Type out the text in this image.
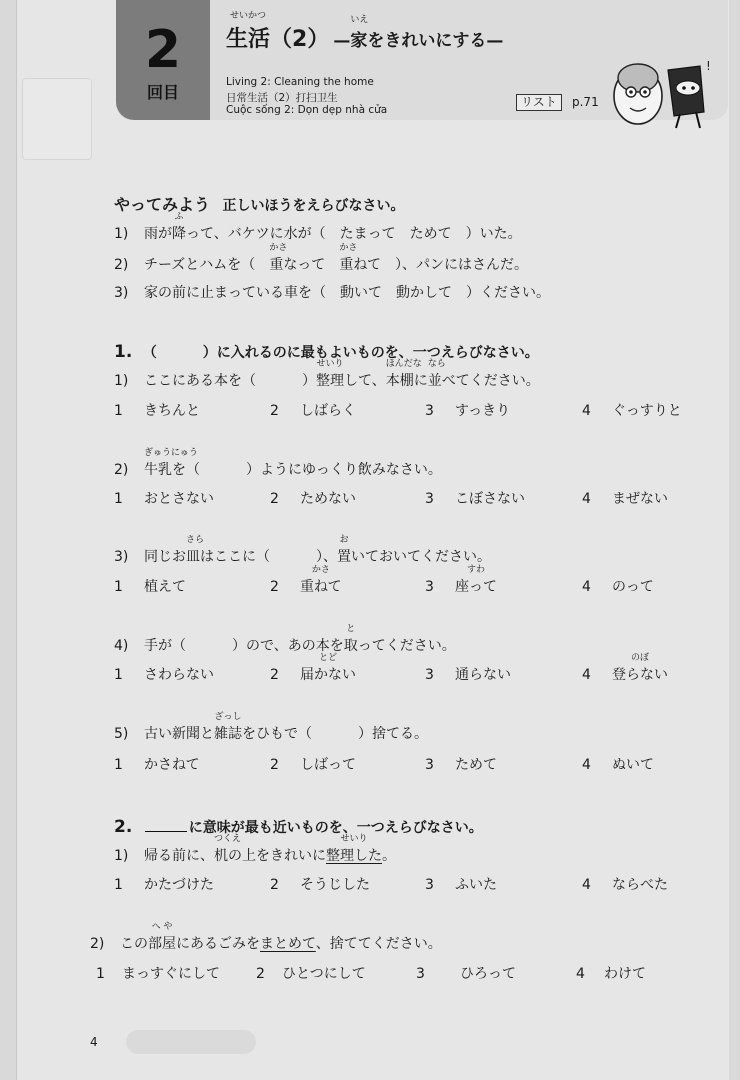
2
回目
せいかつ
生活（2） —
いえ
家をきれいにする—
Living 2: Cleaning the home
日常生活（2）打扫卫生
Cuộc sống 2: Dọn dẹp nhà cửa
リスト	p.71
!
やってみよう 正しいほうをえらびなさい。
1) 雨が
ふ
降って、バケツに水が（　たまって　ためて　）いた。
2) チーズとハムを（　
かさ
重なって　
かさ
重ねて　）、パンにはさんだ。
3) 家の前に止まっている車を（　動いて　動かして　）ください。
1. （	）に入れるのに最もよいものを、一つえらびなさい。
1) ここにある本を（	）
せいり
整理して、
ほんだな
本棚に
なら
並べてください。
1 きちんと	2 しばらく	3 すっきり	4 ぐっすりと
2)
ぎゅうにゅう
牛乳を（	）ようにゆっくり飲みなさい。
1 おとさない	2 ためない	3 こぼさない	4 まぜない
3) 同じお
さら
皿はここに（	）、
お
置いておいてください。
1 植えて	2
かさ
重ねて	3
すわ
座って	4 のって
4) 手が（	）ので、あの本を
と
取ってください。
1 さわらない	2
とど
届かない	3 通らない	4
のぼ
登らない
5) 古い新聞と
ざっし
雑誌をひもで（	）捨てる。
1 かさねて	2 しばって	3 ためて	4 ぬいて
2.	に意味が最も近いものを、一つえらびなさい。
1) 帰る前に、
つくえ
机の上をきれいに
せいり
整理した。
1 かたづけた	2 そうじした	3 ふいた	4 ならべた
2) この
へ や
部屋にあるごみをまとめて、捨ててください。
1 まっすぐにして	2 ひとつにして	3	ひろって	4 わけて
4
